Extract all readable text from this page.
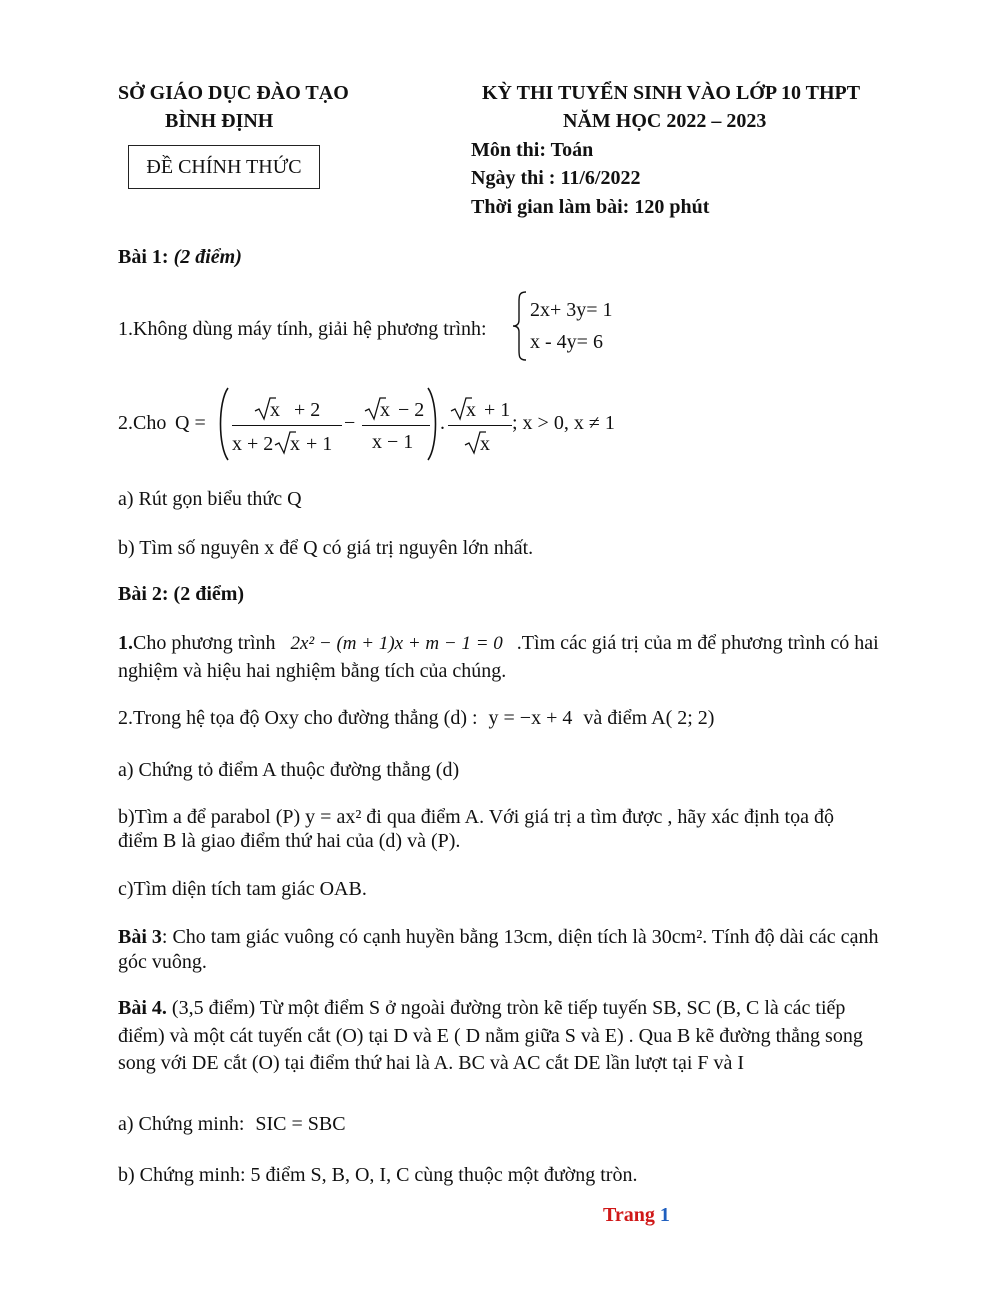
SỞ GIÁO DỤC ĐÀO TẠO
BÌNH ĐỊNH
ĐỀ CHÍNH THỨC
KỲ THI TUYỂN SINH VÀO LỚP 10 THPT
NĂM HỌC 2022 – 2023
Môn thi: Toán
Ngày thi : 11/6/2022
Thời gian làm bài: 120 phút
Bài 1: (2 điểm)
1.Không dùng máy tính, giải hệ phương trình:
2x+ 3y= 1
x - 4y= 6
2.Cho Q =
x + 2
x + 2 x + 1
−
x − 2
x − 1
.
x + 1
x
; x > 0, x ≠ 1
a) Rút gọn biểu thức Q
b) Tìm số nguyên x để Q có giá trị nguyên lớn nhất.
Bài 2: (2 điểm)
1.Cho phương trình 2x² − (m + 1)x + m − 1 = 0 .Tìm các giá trị của m để phương trình có hai
nghiệm và hiệu hai nghiệm bằng tích của chúng.
2.Trong hệ tọa độ Oxy cho đường thẳng (d) : y = −x + 4 và điểm A( 2; 2)
a) Chứng tỏ điểm A thuộc đường thẳng (d)
b)Tìm a để parabol (P) y = ax² đi qua điểm A. Với giá trị a tìm được , hãy xác định tọa độ
điểm B là giao điểm thứ hai của (d) và (P).
c)Tìm diện tích tam giác OAB.
Bài 3: Cho tam giác vuông có cạnh huyền bằng 13cm, diện tích là 30cm². Tính độ dài các cạnh
góc vuông.
Bài 4. (3,5 điểm) Từ một điểm S ở ngoài đường tròn kẽ tiếp tuyến SB, SC (B, C là các tiếp
điểm) và một cát tuyến cắt (O) tại D và E ( D nằm giữa S và E) . Qua B kẽ đường thẳng song
song với DE cắt (O) tại điểm thứ hai là A. BC và AC cắt DE lần lượt tại F và I
a) Chứng minh: SIC = SBC
b) Chứng minh: 5 điểm S, B, O, I, C cùng thuộc một đường tròn.
Trang 1
